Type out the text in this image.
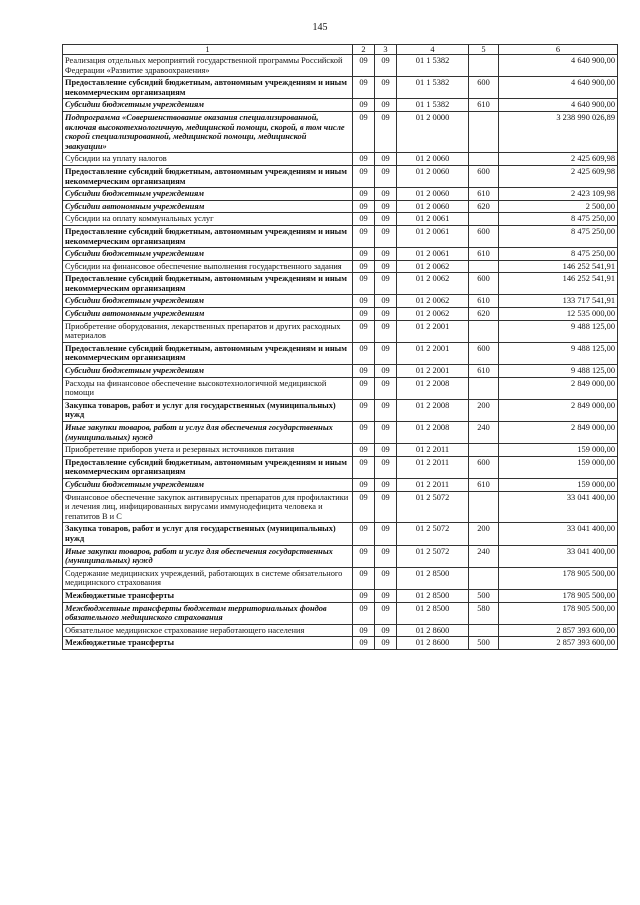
145
1	2	3	4	5	6
Реализация отдельных мероприятий государственной программы Российской Федерации «Развитие здравоохранения»	09	09	01 1 5382		4 640 900,00
Предоставление субсидий бюджетным, автономным учреждениям и иным некоммерческим организациям	09	09	01 1 5382	600	4 640 900,00
Субсидии бюджетным учреждениям	09	09	01 1 5382	610	4 640 900,00
Подпрограмма «Совершенствование оказания специализированной, включая высокотехнологичную, медицинской помощи, скорой, в том числе скорой специализированной, медицинской помощи, медицинской эвакуации»	09	09	01 2 0000		3 238 990 026,89
Субсидии на уплату налогов	09	09	01 2 0060		2 425 609,98
Предоставление субсидий бюджетным, автономным учреждениям и иным некоммерческим организациям	09	09	01 2 0060	600	2 425 609,98
Субсидии бюджетным учреждениям	09	09	01 2 0060	610	2 423 109,98
Субсидии автономным учреждениям	09	09	01 2 0060	620	2 500,00
Субсидии на оплату коммунальных услуг	09	09	01 2 0061		8 475 250,00
Предоставление субсидий бюджетным, автономным учреждениям и иным некоммерческим организациям	09	09	01 2 0061	600	8 475 250,00
Субсидии бюджетным учреждениям	09	09	01 2 0061	610	8 475 250,00
Субсидии на финансовое обеспечение выполнения государственного задания	09	09	01 2 0062		146 252 541,91
Предоставление субсидий бюджетным, автономным учреждениям и иным некоммерческим организациям	09	09	01 2 0062	600	146 252 541,91
Субсидии бюджетным учреждениям	09	09	01 2 0062	610	133 717 541,91
Субсидии автономным учреждениям	09	09	01 2 0062	620	12 535 000,00
Приобретение оборудования, лекарственных препаратов и других расходных материалов	09	09	01 2 2001		9 488 125,00
Предоставление субсидий бюджетным, автономным учреждениям и иным некоммерческим организациям	09	09	01 2 2001	600	9 488 125,00
Субсидии бюджетным учреждениям	09	09	01 2 2001	610	9 488 125,00
Расходы на финансовое обеспечение высокотехнологичной медицинской помощи	09	09	01 2 2008		2 849 000,00
Закупка товаров, работ и услуг для государственных (муниципальных) нужд	09	09	01 2 2008	200	2 849 000,00
Иные закупки товаров, работ и услуг для обеспечения государственных (муниципальных) нужд	09	09	01 2 2008	240	2 849 000,00
Приобретение приборов учета и резервных источников питания	09	09	01 2 2011		159 000,00
Предоставление субсидий бюджетным, автономным учреждениям и иным некоммерческим организациям	09	09	01 2 2011	600	159 000,00
Субсидии бюджетным учреждениям	09	09	01 2 2011	610	159 000,00
Финансовое обеспечение закупок антивирусных препаратов для профилактики и лечения лиц, инфицированных вирусами иммунодефицита человека и гепатитов В и С	09	09	01 2 5072		33 041 400,00
Закупка товаров, работ и услуг для государственных (муниципальных) нужд	09	09	01 2 5072	200	33 041 400,00
Иные закупки товаров, работ и услуг для обеспечения государственных (муниципальных) нужд	09	09	01 2 5072	240	33 041 400,00
Содержание медицинских учреждений, работающих в системе обязательного медицинского страхования	09	09	01 2 8500		178 905 500,00
Межбюджетные трансферты	09	09	01 2 8500	500	178 905 500,00
Межбюджетные трансферты бюджетам территориальных фондов обязательного медицинского страхования	09	09	01 2 8500	580	178 905 500,00
Обязательное медицинское страхование неработающего населения	09	09	01 2 8600		2 857 393 600,00
Межбюджетные трансферты	09	09	01 2 8600	500	2 857 393 600,00
